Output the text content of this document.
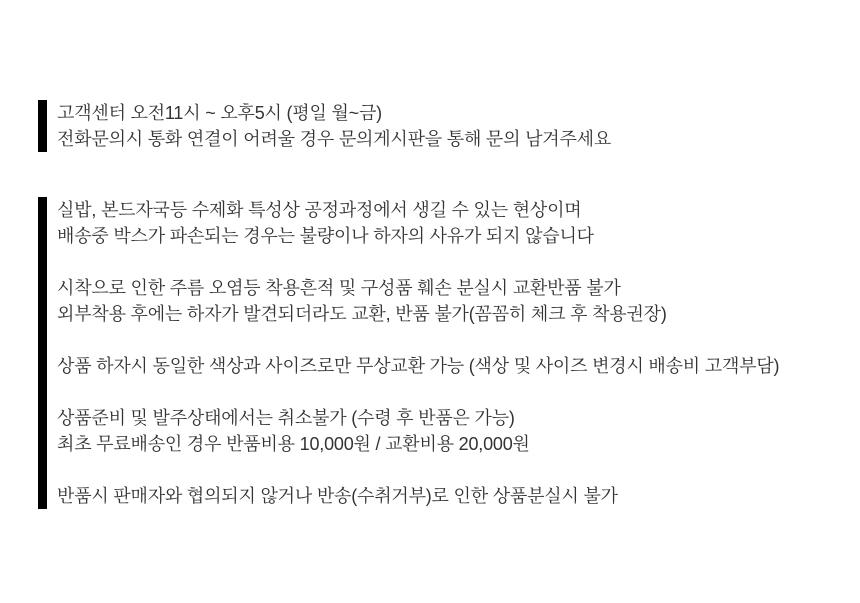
고객센터 오전11시 ~ 오후5시 (평일 월~금)
전화문의시 통화 연결이 어려울 경우 문의게시판을 통해 문의 남겨주세요

실밥, 본드자국등 수제화 특성상 공정과정에서 생길 수 있는 현상이며
배송중 박스가 파손되는 경우는 불량이나 하자의 사유가 되지 않습니다

시착으로 인한 주름 오염등 착용흔적 및 구성품 훼손 분실시 교환반품 불가
외부착용 후에는 하자가 발견되더라도 교환, 반품 불가(꼼꼼히 체크 후 착용권장)

상품 하자시 동일한 색상과 사이즈로만 무상교환 가능 (색상 및 사이즈 변경시 배송비 고객부담)

상품준비 및 발주상태에서는 취소불가 (수령 후 반품은 가능)
최초 무료배송인 경우 반품비용 10,000원 / 교환비용 20,000원

반품시 판매자와 협의되지 않거나 반송(수취거부)로 인한 상품분실시 불가
